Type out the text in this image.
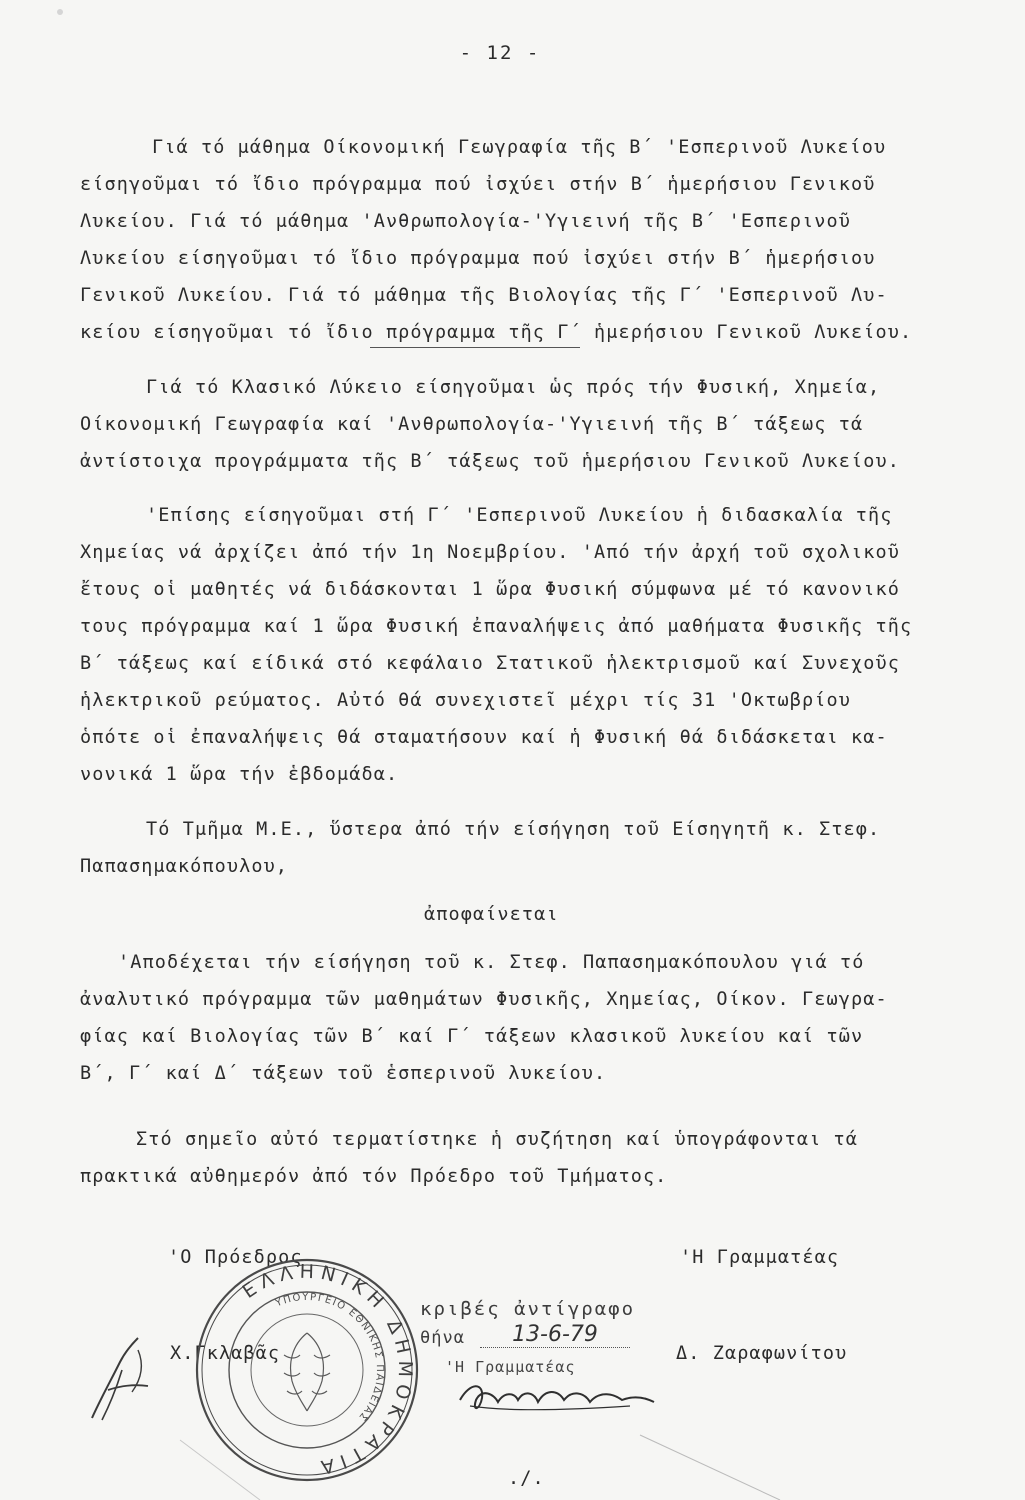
- 12 -
Γιά τό μάθημα Οίκονομική Γεωγραφία τῆς Β΄ 'Εσπερινοῦ Λυκείου
είσηγοῦμαι τό ἴδιο πρόγραμμα πού ἰσχύει στήν Β΄ ἡμερήσιου Γενικοῦ
Λυκείου. Γιά τό μάθημα 'Ανθρωπολογία-'Υγιεινή τῆς Β΄ 'Εσπερινοῦ
Λυκείου είσηγοῦμαι τό ἴδιο πρόγραμμα πού ἰσχύει στήν Β΄ ἡμερήσιου
Γενικοῦ Λυκείου. Γιά τό μάθημα τῆς Βιολογίας τῆς Γ΄ 'Εσπερινοῦ Λυ-
κείου είσηγοῦμαι τό ἴδιο πρόγραμμα τῆς Γ΄ ἡμερήσιου Γενικοῦ Λυκείου.
Γιά τό Κλασικό Λύκειο είσηγοῦμαι ὡς πρός τήν Φυσική, Χημεία,
Οίκονομική Γεωγραφία καί 'Ανθρωπολογία-'Υγιεινή τῆς Β΄ τάξεως τά
ἀντίστοιχα προγράμματα τῆς Β΄ τάξεως τοῦ ἡμερήσιου Γενικοῦ Λυκείου.
'Επίσης είσηγοῦμαι στή Γ΄ 'Εσπερινοῦ Λυκείου ἡ διδασκαλία τῆς
Χημείας νά ἀρχίζει ἀπό τήν 1η Νοεμβρίου. 'Από τήν ἀρχή τοῦ σχολικοῦ
ἔτους οἱ μαθητές νά διδάσκονται 1 ὥρα Φυσική σύμφωνα μέ τό κανονικό
τους πρόγραμμα καί 1 ὥρα Φυσική ἐπαναλήψεις ἀπό μαθήματα Φυσικῆς τῆς
Β΄ τάξεως καί είδικά στό κεφάλαιο Στατικοῦ ἡλεκτρισμοῦ καί Συνεχοῦς
ἡλεκτρικοῦ ρεύματος. Αὐτό θά συνεχιστεῖ μέχρι τίς 31 'Οκτωβρίου
ὁπότε οἱ ἐπαναλήψεις θά σταματήσουν καί ἡ Φυσική θά διδάσκεται κα-
νονικά 1 ὥρα τήν ἑβδομάδα.
Τό Τμῆμα Μ.Ε., ὕστερα ἀπό τήν είσήγηση τοῦ Είσηγητῆ κ. Στεφ.
Παπασημακόπουλου,
ἀποφαίνεται
'Αποδέχεται τήν είσήγηση τοῦ κ. Στεφ. Παπασημακόπουλου γιά τό
ἀναλυτικό πρόγραμμα τῶν μαθημάτων Φυσικῆς, Χημείας, Οίκον. Γεωγρα-
φίας καί Βιολογίας τῶν Β΄ καί Γ΄ τάξεων κλασικοῦ λυκείου καί τῶν
Β΄, Γ΄ καί Δ΄ τάξεων τοῦ ἑσπερινοῦ λυκείου.
Στό σημεῖο αὐτό τερματίστηκε ἡ συζήτηση καί ὑπογράφονται τά
πρακτικά αὐθημερόν ἀπό τόν Πρόεδρο τοῦ Τμήματος.
'Ο Πρόεδρος	'Η Γραμματέας
Χ.Γκλαβᾶς	Δ. Ζαραφωνίτου
ΕΛΛΗΝΙΚΗ ΔΗΜΟΚΡΑΤΙΑ
ΥΠΟΥΡΓΕΙΟ ΕΘΝΙΚΗΣ ΠΑΙΔΕΙΑΣ
κριβές ἀντίγραφο
θήνα	13-6-79
'Η Γραμματέας
./.
